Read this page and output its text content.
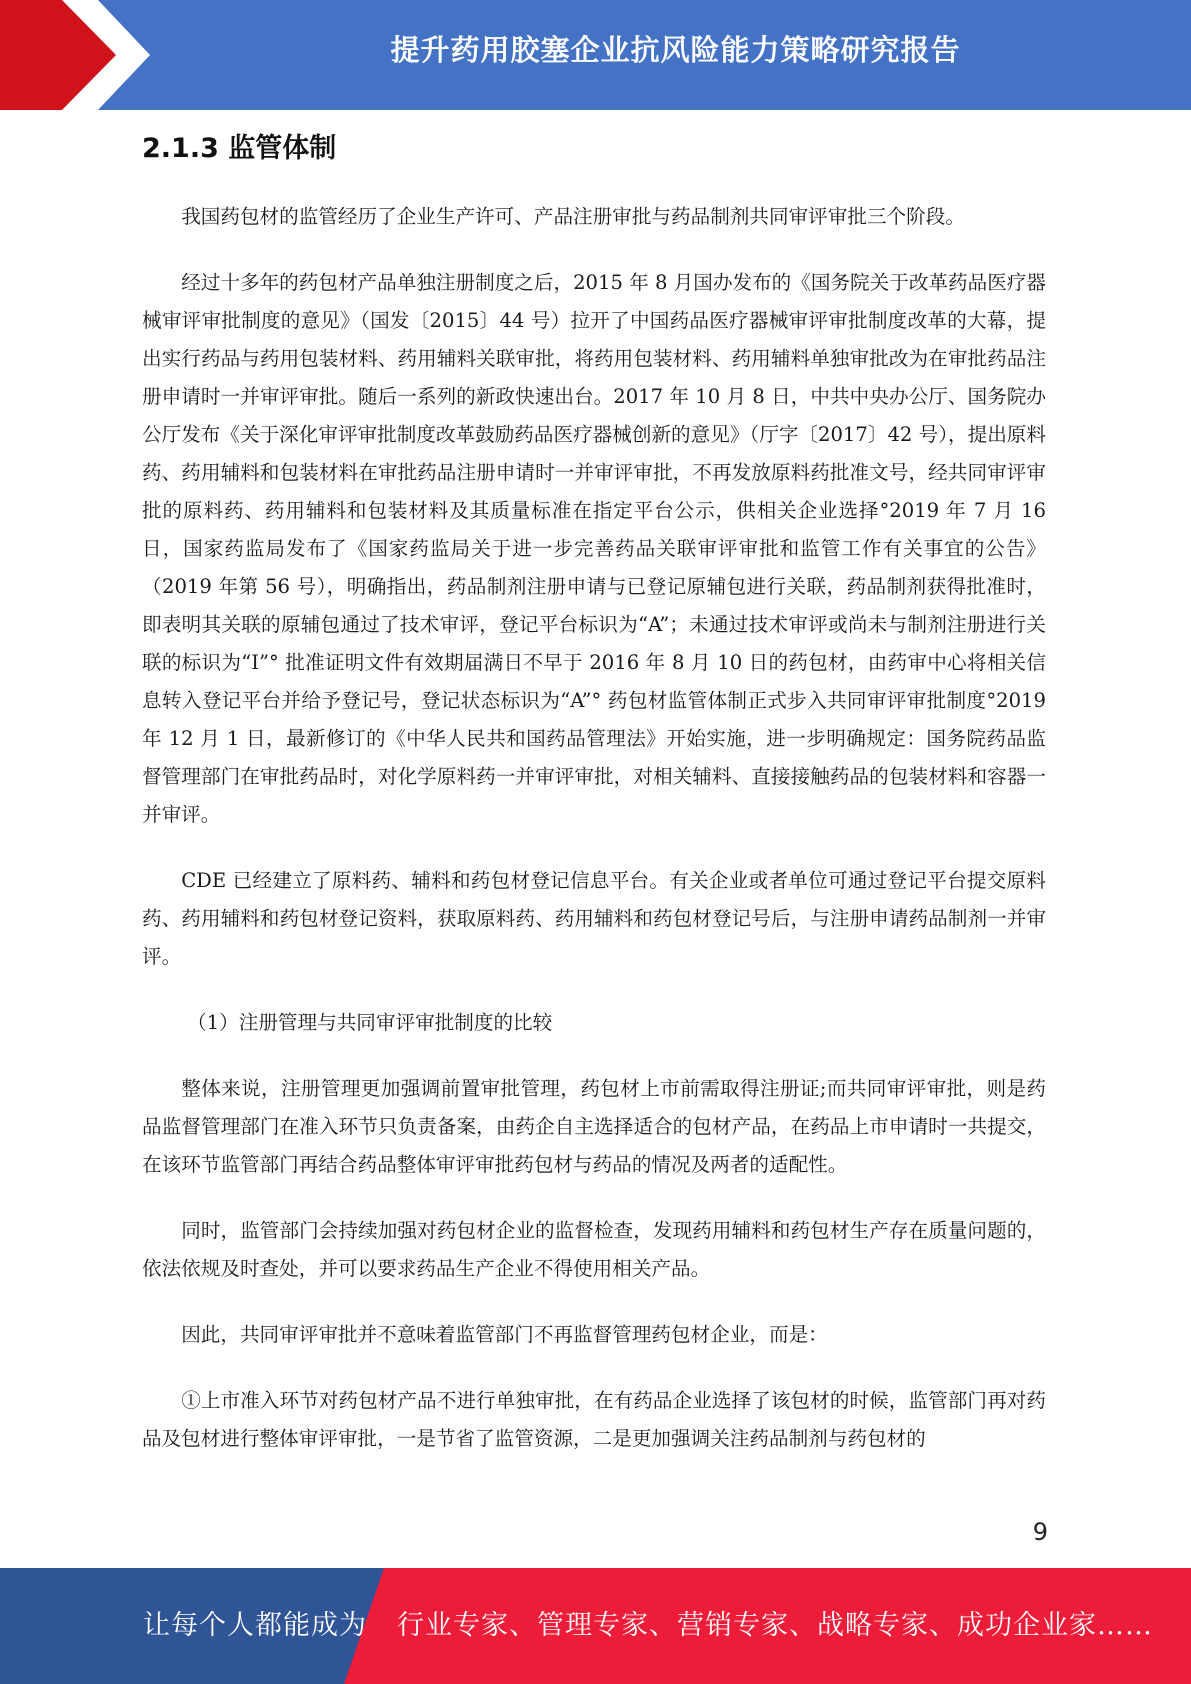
提升药用胶塞企业抗风险能力策略研究报告
2.1.3 监管体制

我国药包材的监管经历了企业生产许可、产品注册审批与药品制剂共同审评审批三个阶段。

经过十多年的药包材产品单独注册制度之后，2015 年 8 月国办发布的《国务院关于改革药品医疗器械审评审批制度的意见》（国发〔2015〕44 号）拉开了中国药品医疗器械审评审批制度改革的大幕，提出实行药品与药用包装材料、药用辅料关联审批，将药用包装材料、药用辅料单独审批改为在审批药品注册申请时一并审评审批。随后一系列的新政快速出台。2017 年 10 月 8 日，中共中央办公厅、国务院办公厅发布《关于深化审评审批制度改革鼓励药品医疗器械创新的意见》（厅字〔2017〕42 号），提出原料药、药用辅料和包装材料在审批药品注册申请时一并审评审批，不再发放原料药批准文号，经共同审评审批的原料药、药用辅料和包装材料及其质量标准在指定平台公示，供相关企业选择°2019 年 7 月 16 日，国家药监局发布了《国家药监局关于进一步完善药品关联审评审批和监管工作有关事宜的公告》（2019 年第 56 号），明确指出，药品制剂注册申请与已登记原辅包进行关联，药品制剂获得批准时，即表明其关联的原辅包通过了技术审评，登记平台标识为“A”；未通过技术审评或尚未与制剂注册进行关联的标识为“I”° 批准证明文件有效期届满日不早于 2016 年 8 月 10 日的药包材，由药审中心将相关信息转入登记平台并给予登记号，登记状态标识为“A”° 药包材监管体制正式步入共同审评审批制度°2019 年 12 月 1 日，最新修订的《中华人民共和国药品管理法》开始实施，进一步明确规定：国务院药品监督管理部门在审批药品时，对化学原料药一并审评审批，对相关辅料、直接接触药品的包装材料和容器一并审评。

CDE 已经建立了原料药、辅料和药包材登记信息平台。有关企业或者单位可通过登记平台提交原料药、药用辅料和药包材登记资料，获取原料药、药用辅料和药包材登记号后，与注册申请药品制剂一并审评。

（1）注册管理与共同审评审批制度的比较

整体来说，注册管理更加强调前置审批管理，药包材上市前需取得注册证;而共同审评审批，则是药品监督管理部门在准入环节只负责备案，由药企自主选择适合的包材产品，在药品上市申请时一共提交，在该环节监管部门再结合药品整体审评审批药包材与药品的情况及两者的适配性。

同时，监管部门会持续加强对药包材企业的监督检查，发现药用辅料和药包材生产存在质量问题的，依法依规及时查处，并可以要求药品生产企业不得使用相关产品。

因此，共同审评审批并不意味着监管部门不再监督管理药包材企业，而是：

①上市准入环节对药包材产品不进行单独审批，在有药品企业选择了该包材的时候，监管部门再对药品及包材进行整体审评审批，一是节省了监管资源，二是更加强调关注药品制剂与药包材的

9
让每个人都能成为 行业专家、管理专家、营销专家、战略专家、成功企业家……
